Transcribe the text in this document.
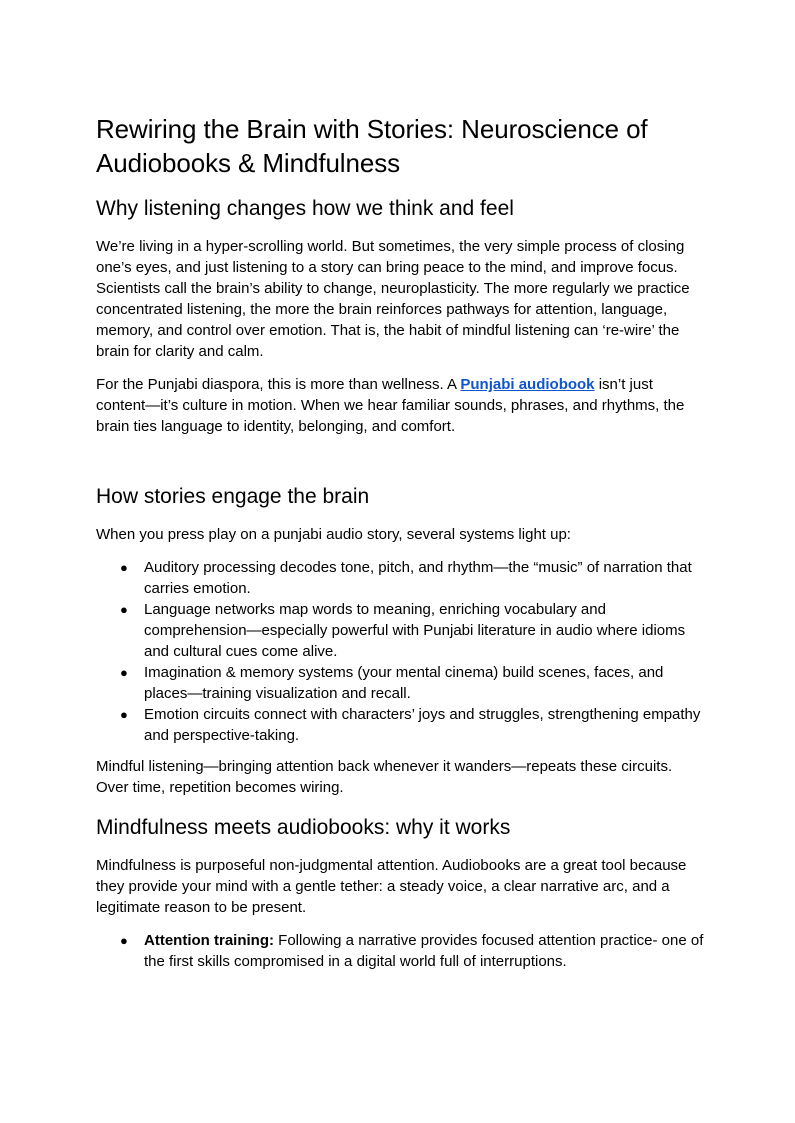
Rewiring the Brain with Stories: Neuroscience of Audiobooks & Mindfulness
Why listening changes how we think and feel

We’re living in a hyper-scrolling world. But sometimes, the very simple process of closing one’s eyes, and just listening to a story can bring peace to the mind, and improve focus. Scientists call the brain’s ability to change, neuroplasticity. The more regularly we practice concentrated listening, the more the brain reinforces pathways for attention, language, memory, and control over emotion. That is, the habit of mindful listening can ‘re-wire’ the brain for clarity and calm.

For the Punjabi diaspora, this is more than wellness. A Punjabi audiobook isn’t just content—it’s culture in motion. When we hear familiar sounds, phrases, and rhythms, the brain ties language to identity, belonging, and comfort.

How stories engage the brain

When you press play on a punjabi audio story, several systems light up:

● Auditory processing decodes tone, pitch, and rhythm—the “music” of narration that carries emotion.
● Language networks map words to meaning, enriching vocabulary and comprehension—especially powerful with Punjabi literature in audio where idioms and cultural cues come alive.
● Imagination & memory systems (your mental cinema) build scenes, faces, and places—training visualization and recall.
● Emotion circuits connect with characters’ joys and struggles, strengthening empathy and perspective-taking.

Mindful listening—bringing attention back whenever it wanders—repeats these circuits. Over time, repetition becomes wiring.

Mindfulness meets audiobooks: why it works

Mindfulness is purposeful non-judgmental attention. Audiobooks are a great tool because they provide your mind with a gentle tether: a steady voice, a clear narrative arc, and a legitimate reason to be present.

● Attention training: Following a narrative provides focused attention practice- one of the first skills compromised in a digital world full of interruptions.
